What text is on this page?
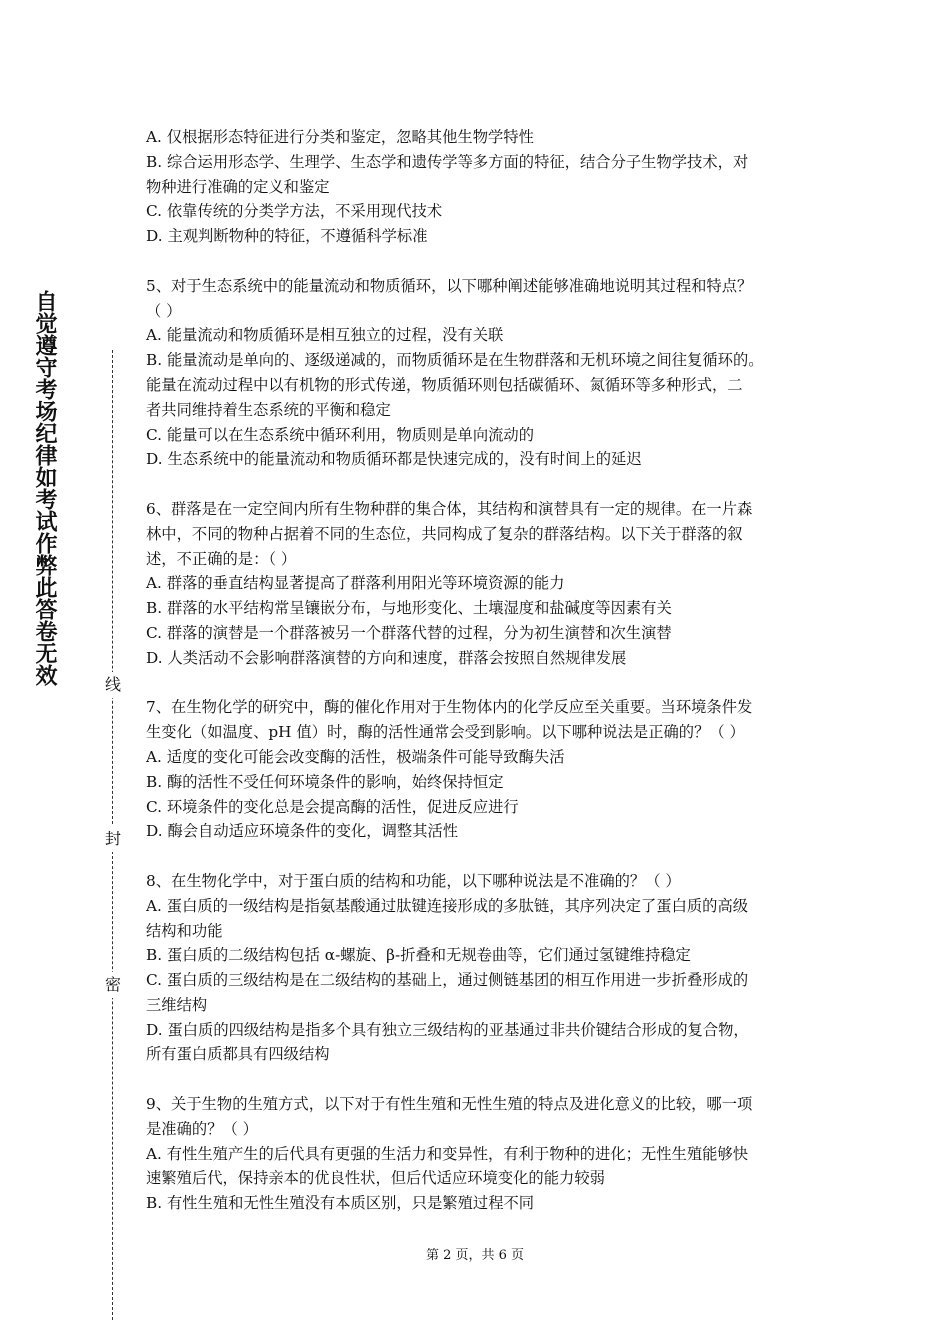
自觉遵守考场纪律如考试作弊此答卷无效	线
封
密
A. 仅根据形态特征进行分类和鉴定，忽略其他生物学特性
B. 综合运用形态学、生理学、生态学和遗传学等多方面的特征，结合分子生物学技术，对
物种进行准确的定义和鉴定
C. 依靠传统的分类学方法，不采用现代技术
D. 主观判断物种的特征，不遵循科学标准
5、对于生态系统中的能量流动和物质循环，以下哪种阐述能够准确地说明其过程和特点？
（ ）
A. 能量流动和物质循环是相互独立的过程，没有关联
B. 能量流动是单向的、逐级递减的，而物质循环是在生物群落和无机环境之间往复循环的。
能量在流动过程中以有机物的形式传递，物质循环则包括碳循环、氮循环等多种形式，二
者共同维持着生态系统的平衡和稳定
C. 能量可以在生态系统中循环利用，物质则是单向流动的
D. 生态系统中的能量流动和物质循环都是快速完成的，没有时间上的延迟
6、群落是在一定空间内所有生物种群的集合体，其结构和演替具有一定的规律。在一片森
林中，不同的物种占据着不同的生态位，共同构成了复杂的群落结构。以下关于群落的叙
述，不正确的是：（ ）
A. 群落的垂直结构显著提高了群落利用阳光等环境资源的能力
B. 群落的水平结构常呈镶嵌分布，与地形变化、土壤湿度和盐碱度等因素有关
C. 群落的演替是一个群落被另一个群落代替的过程，分为初生演替和次生演替
D. 人类活动不会影响群落演替的方向和速度，群落会按照自然规律发展
7、在生物化学的研究中，酶的催化作用对于生物体内的化学反应至关重要。当环境条件发
生变化（如温度、pH 值）时，酶的活性通常会受到影响。以下哪种说法是正确的？（ ）
A. 适度的变化可能会改变酶的活性，极端条件可能导致酶失活
B. 酶的活性不受任何环境条件的影响，始终保持恒定
C. 环境条件的变化总是会提高酶的活性，促进反应进行
D. 酶会自动适应环境条件的变化，调整其活性
8、在生物化学中，对于蛋白质的结构和功能，以下哪种说法是不准确的？（ ）
A. 蛋白质的一级结构是指氨基酸通过肽键连接形成的多肽链，其序列决定了蛋白质的高级
结构和功能
B. 蛋白质的二级结构包括 α-螺旋、β-折叠和无规卷曲等，它们通过氢键维持稳定
C. 蛋白质的三级结构是在二级结构的基础上，通过侧链基团的相互作用进一步折叠形成的
三维结构
D. 蛋白质的四级结构是指多个具有独立三级结构的亚基通过非共价键结合形成的复合物，
所有蛋白质都具有四级结构
9、关于生物的生殖方式，以下对于有性生殖和无性生殖的特点及进化意义的比较，哪一项
是准确的？（ ）
A. 有性生殖产生的后代具有更强的生活力和变异性，有利于物种的进化；无性生殖能够快
速繁殖后代，保持亲本的优良性状，但后代适应环境变化的能力较弱
B. 有性生殖和无性生殖没有本质区别，只是繁殖过程不同
第 2 页，共 6 页
